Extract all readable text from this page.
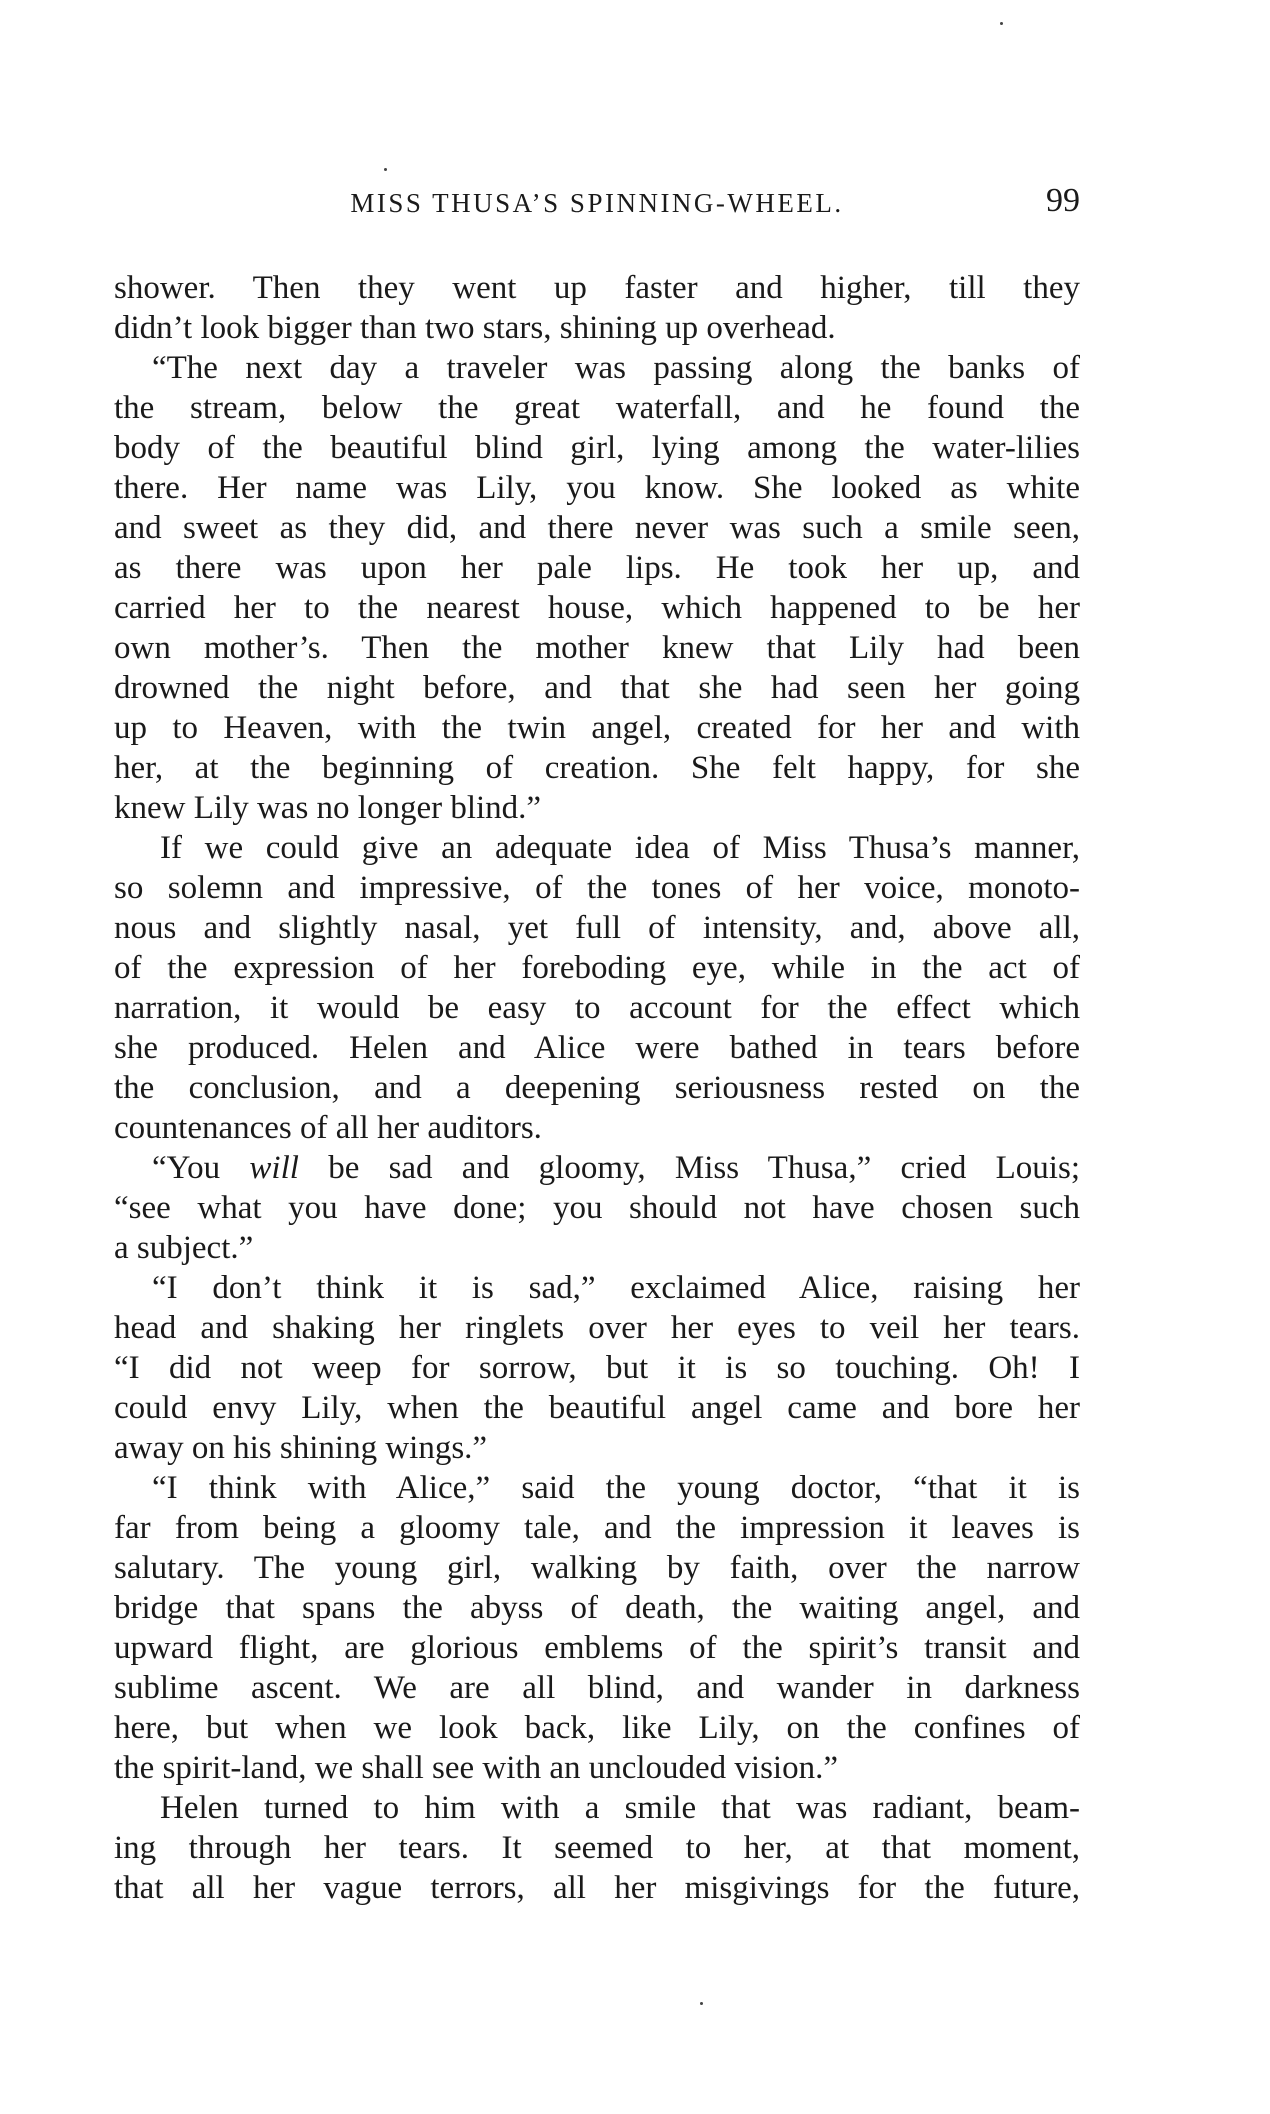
MISS THUSA’S SPINNING-WHEEL.	99
shower. Then they went up faster and higher, till they
didn’t look bigger than two stars, shining up overhead.
“The next day a traveler was passing along the banks of
the stream, below the great waterfall, and he found the
body of the beautiful blind girl, lying among the water-lilies
there. Her name was Lily, you know. She looked as white
and sweet as they did, and there never was such a smile seen,
as there was upon her pale lips. He took her up, and
carried her to the nearest house, which happened to be her
own mother’s. Then the mother knew that Lily had been
drowned the night before, and that she had seen her going
up to Heaven, with the twin angel, created for her and with
her, at the beginning of creation. She felt happy, for she
knew Lily was no longer blind.”
If we could give an adequate idea of Miss Thusa’s manner,
so solemn and impressive, of the tones of her voice, monoto-
nous and slightly nasal, yet full of intensity, and, above all,
of the expression of her foreboding eye, while in the act of
narration, it would be easy to account for the effect which
she produced. Helen and Alice were bathed in tears before
the conclusion, and a deepening seriousness rested on the
countenances of all her auditors.
“You will be sad and gloomy, Miss Thusa,” cried Louis;
“see what you have done; you should not have chosen such
a subject.”
“I don’t think it is sad,” exclaimed Alice, raising her
head and shaking her ringlets over her eyes to veil her tears.
“I did not weep for sorrow, but it is so touching. Oh! I
could envy Lily, when the beautiful angel came and bore her
away on his shining wings.”
“I think with Alice,” said the young doctor, “that it is
far from being a gloomy tale, and the impression it leaves is
salutary. The young girl, walking by faith, over the narrow
bridge that spans the abyss of death, the waiting angel, and
upward flight, are glorious emblems of the spirit’s transit and
sublime ascent. We are all blind, and wander in darkness
here, but when we look back, like Lily, on the confines of
the spirit-land, we shall see with an unclouded vision.”
Helen turned to him with a smile that was radiant, beam-
ing through her tears. It seemed to her, at that moment,
that all her vague terrors, all her misgivings for the future,
